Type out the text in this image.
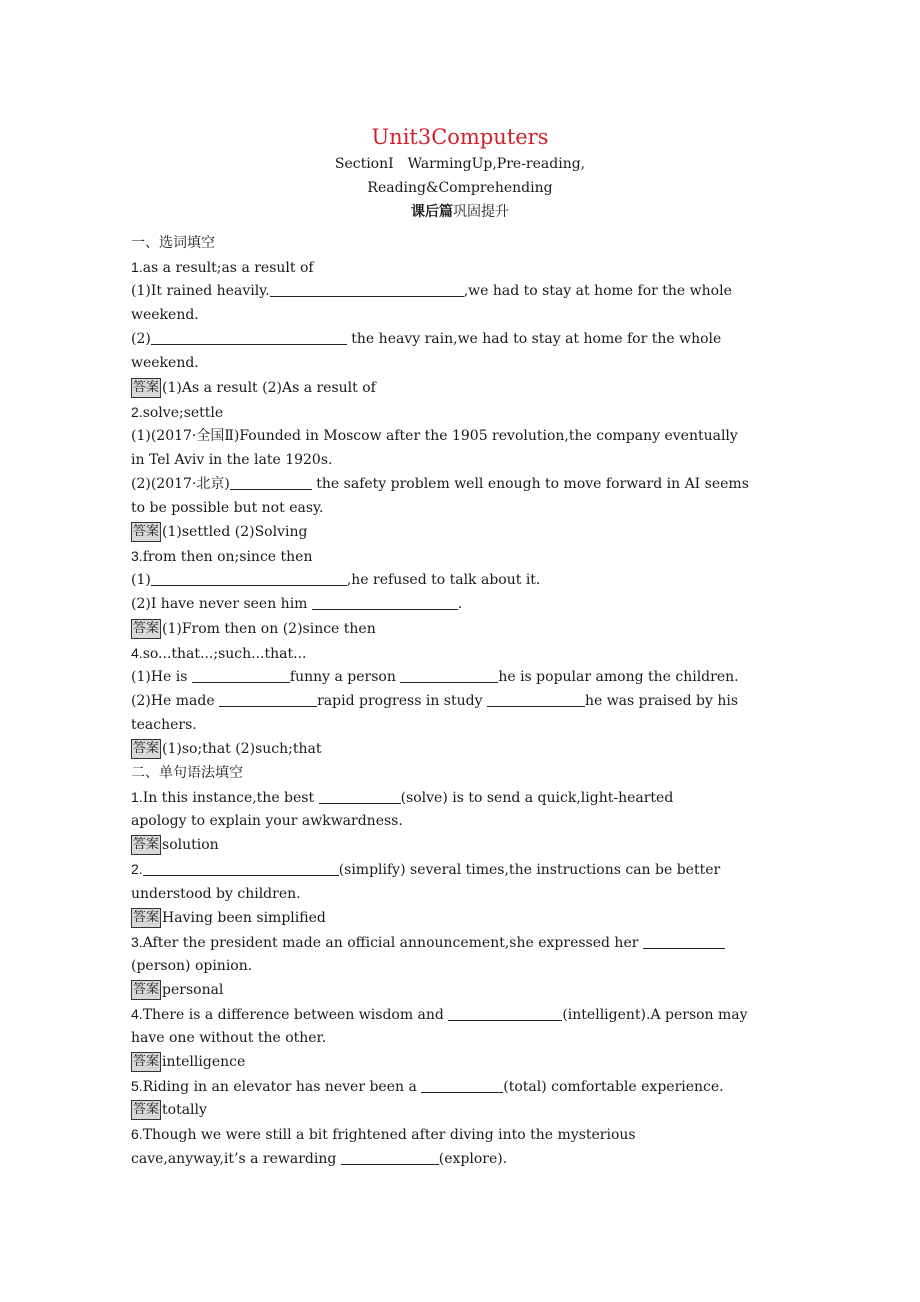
Unit3Computers
SectionⅠ　WarmingUp,Pre-reading,
Reading&Comprehending
课后篇巩固提升
一、选词填空
1.as a result;as a result of
(1)It rained heavily.	,we had to stay at home for the whole
weekend.
(2)	the heavy rain,we had to stay at home for the whole
weekend.
答案 (1)As a result (2)As a result of
2.solve;settle
(1)(2017·全国Ⅱ)Founded in Moscow after the 1905 revolution,the company eventually
in Tel Aviv in the late 1920s.
(2)(2017·北京)	the safety problem well enough to move forward in AI seems
to be possible but not easy.
答案 (1)settled (2)Solving
3.from then on;since then
(1)	,he refused to talk about it.
(2)I have never seen him	.
答案 (1)From then on (2)since then
4.so...that...;such...that...
(1)He is	funny a person	he is popular among the children.
(2)He made	rapid progress in study	he was praised by his
teachers.
答案 (1)so;that (2)such;that
二、单句语法填空
1.In this instance,the best	(solve) is to send a quick,light-hearted
apology to explain your awkwardness.
答案 solution
2.	(simplify) several times,the instructions can be better
understood by children.
答案 Having been simplified
3.After the president made an official announcement,she expressed her
(person) opinion.
答案 personal
4.There is a difference between wisdom and	(intelligent).A person may
have one without the other.
答案 intelligence
5.Riding in an elevator has never been a	(total) comfortable experience.
答案 totally
6.Though we were still a bit frightened after diving into the mysterious
cave,anyway,it’s a rewarding	(explore).
